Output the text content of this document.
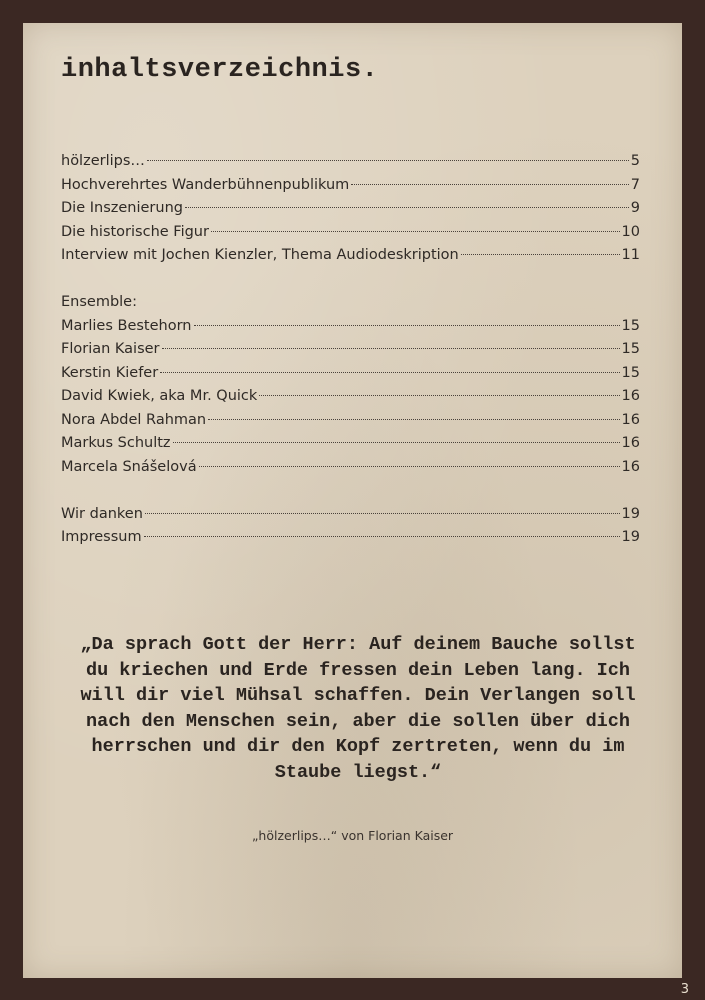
inhaltsverzeichnis.
hölzerlips…	5
Hochverehrtes Wanderbühnenpublikum	7
Die Inszenierung	9
Die historische Figur	10
Interview mit Jochen Kienzler, Thema Audiodeskription	11
Ensemble:
Marlies Bestehorn	15
Florian Kaiser	15
Kerstin Kiefer	15
David Kwiek, aka Mr. Quick	16
Nora Abdel Rahman	16
Markus Schultz	16
Marcela Snášelová	16
Wir danken	19
Impressum	19

„Da sprach Gott der Herr: Auf deinem Bauche sollst du kriechen und Erde fressen dein Leben lang. Ich will dir viel Mühsal schaffen. Dein Verlangen soll nach den Menschen sein, aber die sollen über dich herrschen und dir den Kopf zertreten, wenn du im Staube liegst.“

„hölzerlips…“ von Florian Kaiser
3
